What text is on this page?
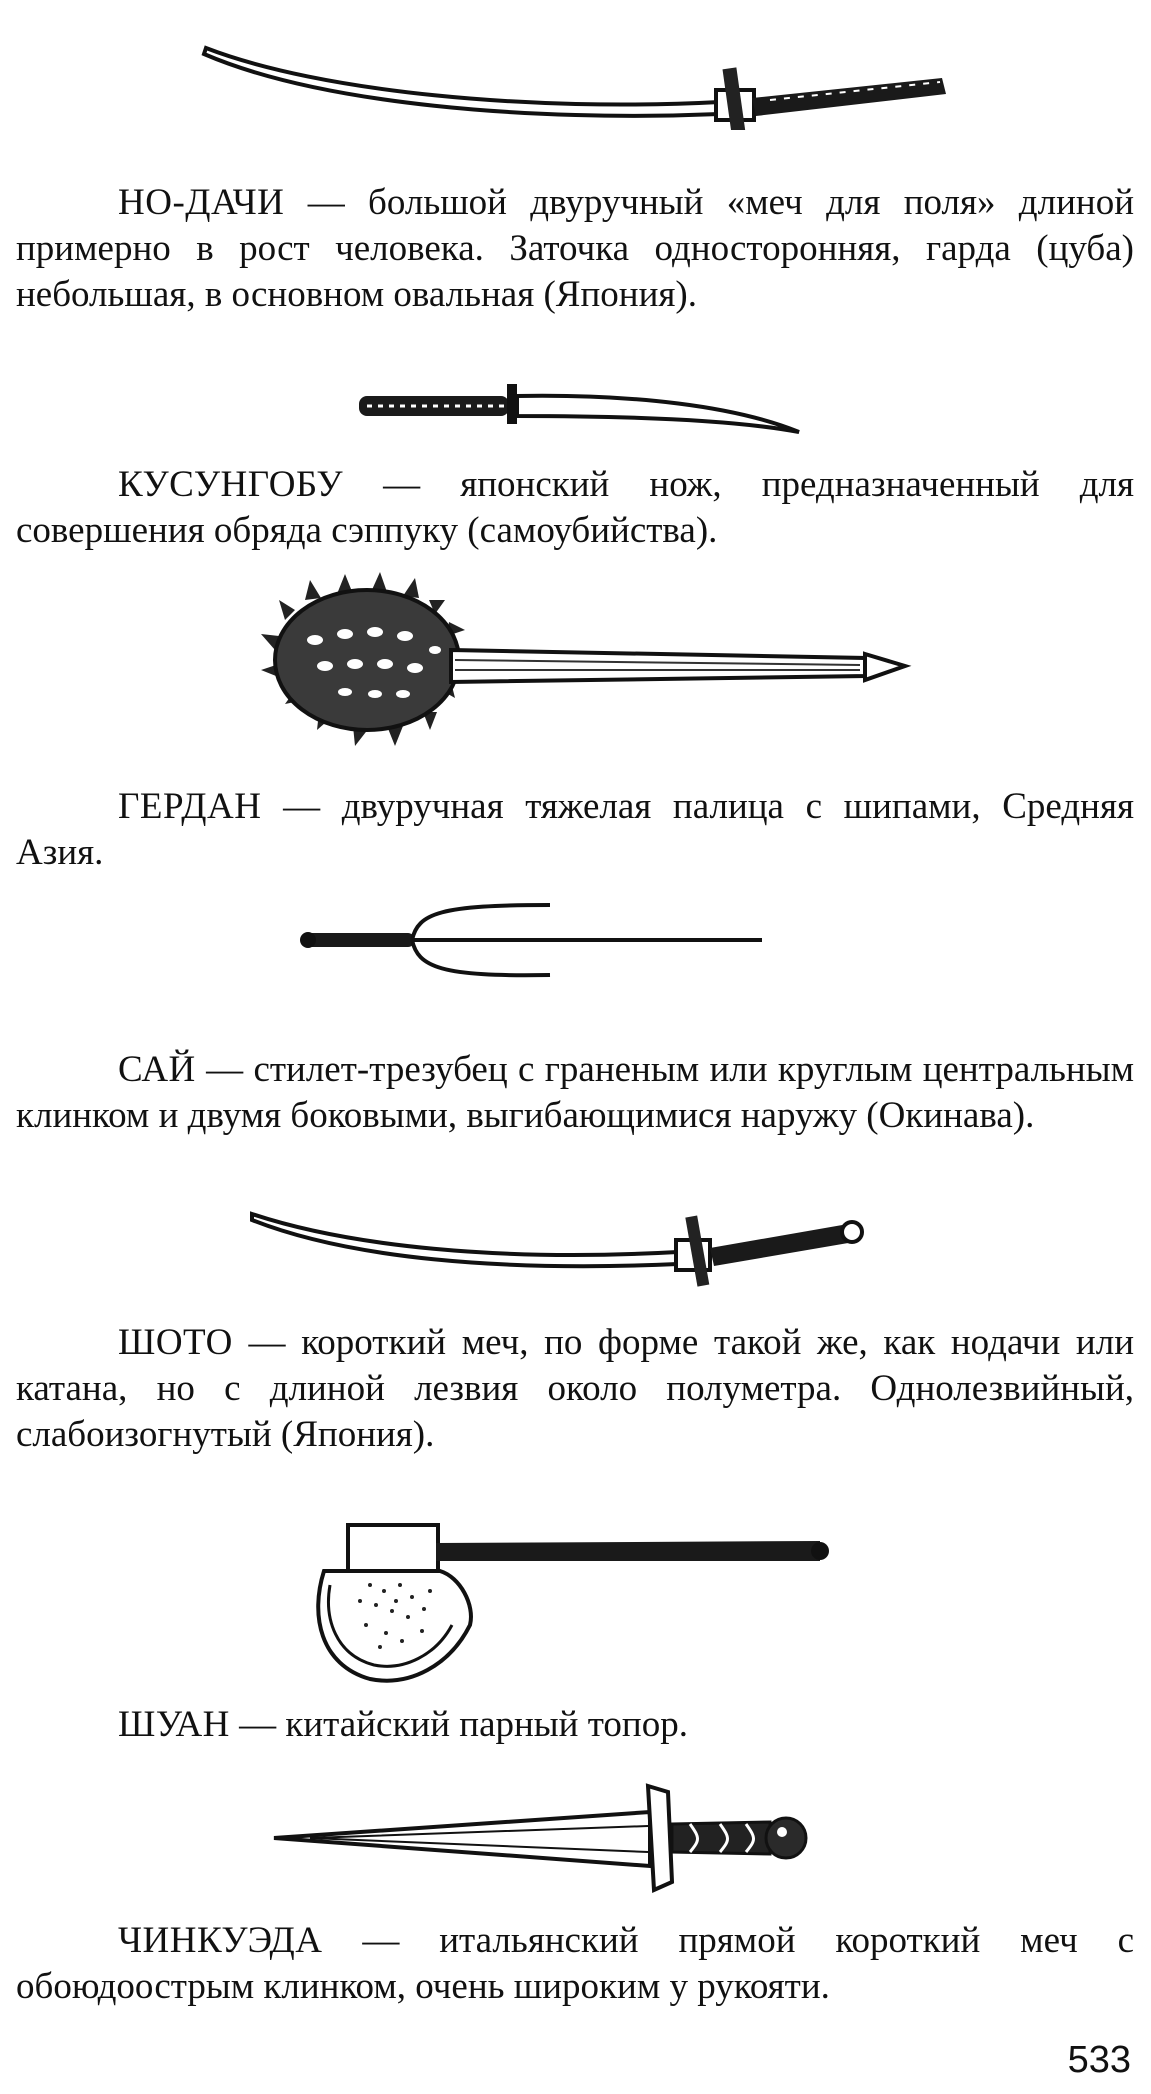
НО-ДАЧИ — большой двуручный «меч для поля» длиной примерно в рост человека. Заточка односторонняя, гарда (цуба) небольшая, в основном овальная (Япония).

КУСУНГОБУ — японский нож, предназначенный для совершения обряда сэппуку (самоубийства).

ГЕРДАН — двуручная тяжелая палица с шипами, Средняя Азия.

САЙ — стилет-трезубец с граненым или круглым центральным клинком и двумя боковыми, выгибающимися наружу (Окинава).

ШОТО — короткий меч, по форме такой же, как нодачи или катана, но с длиной лезвия около полуметра. Однолезвийный, слабоизогнутый (Япония).

ШУАН — китайский парный топор.

ЧИНКУЭДА — итальянский прямой короткий меч с обоюдоострым клинком, очень широким у рукояти.

533
